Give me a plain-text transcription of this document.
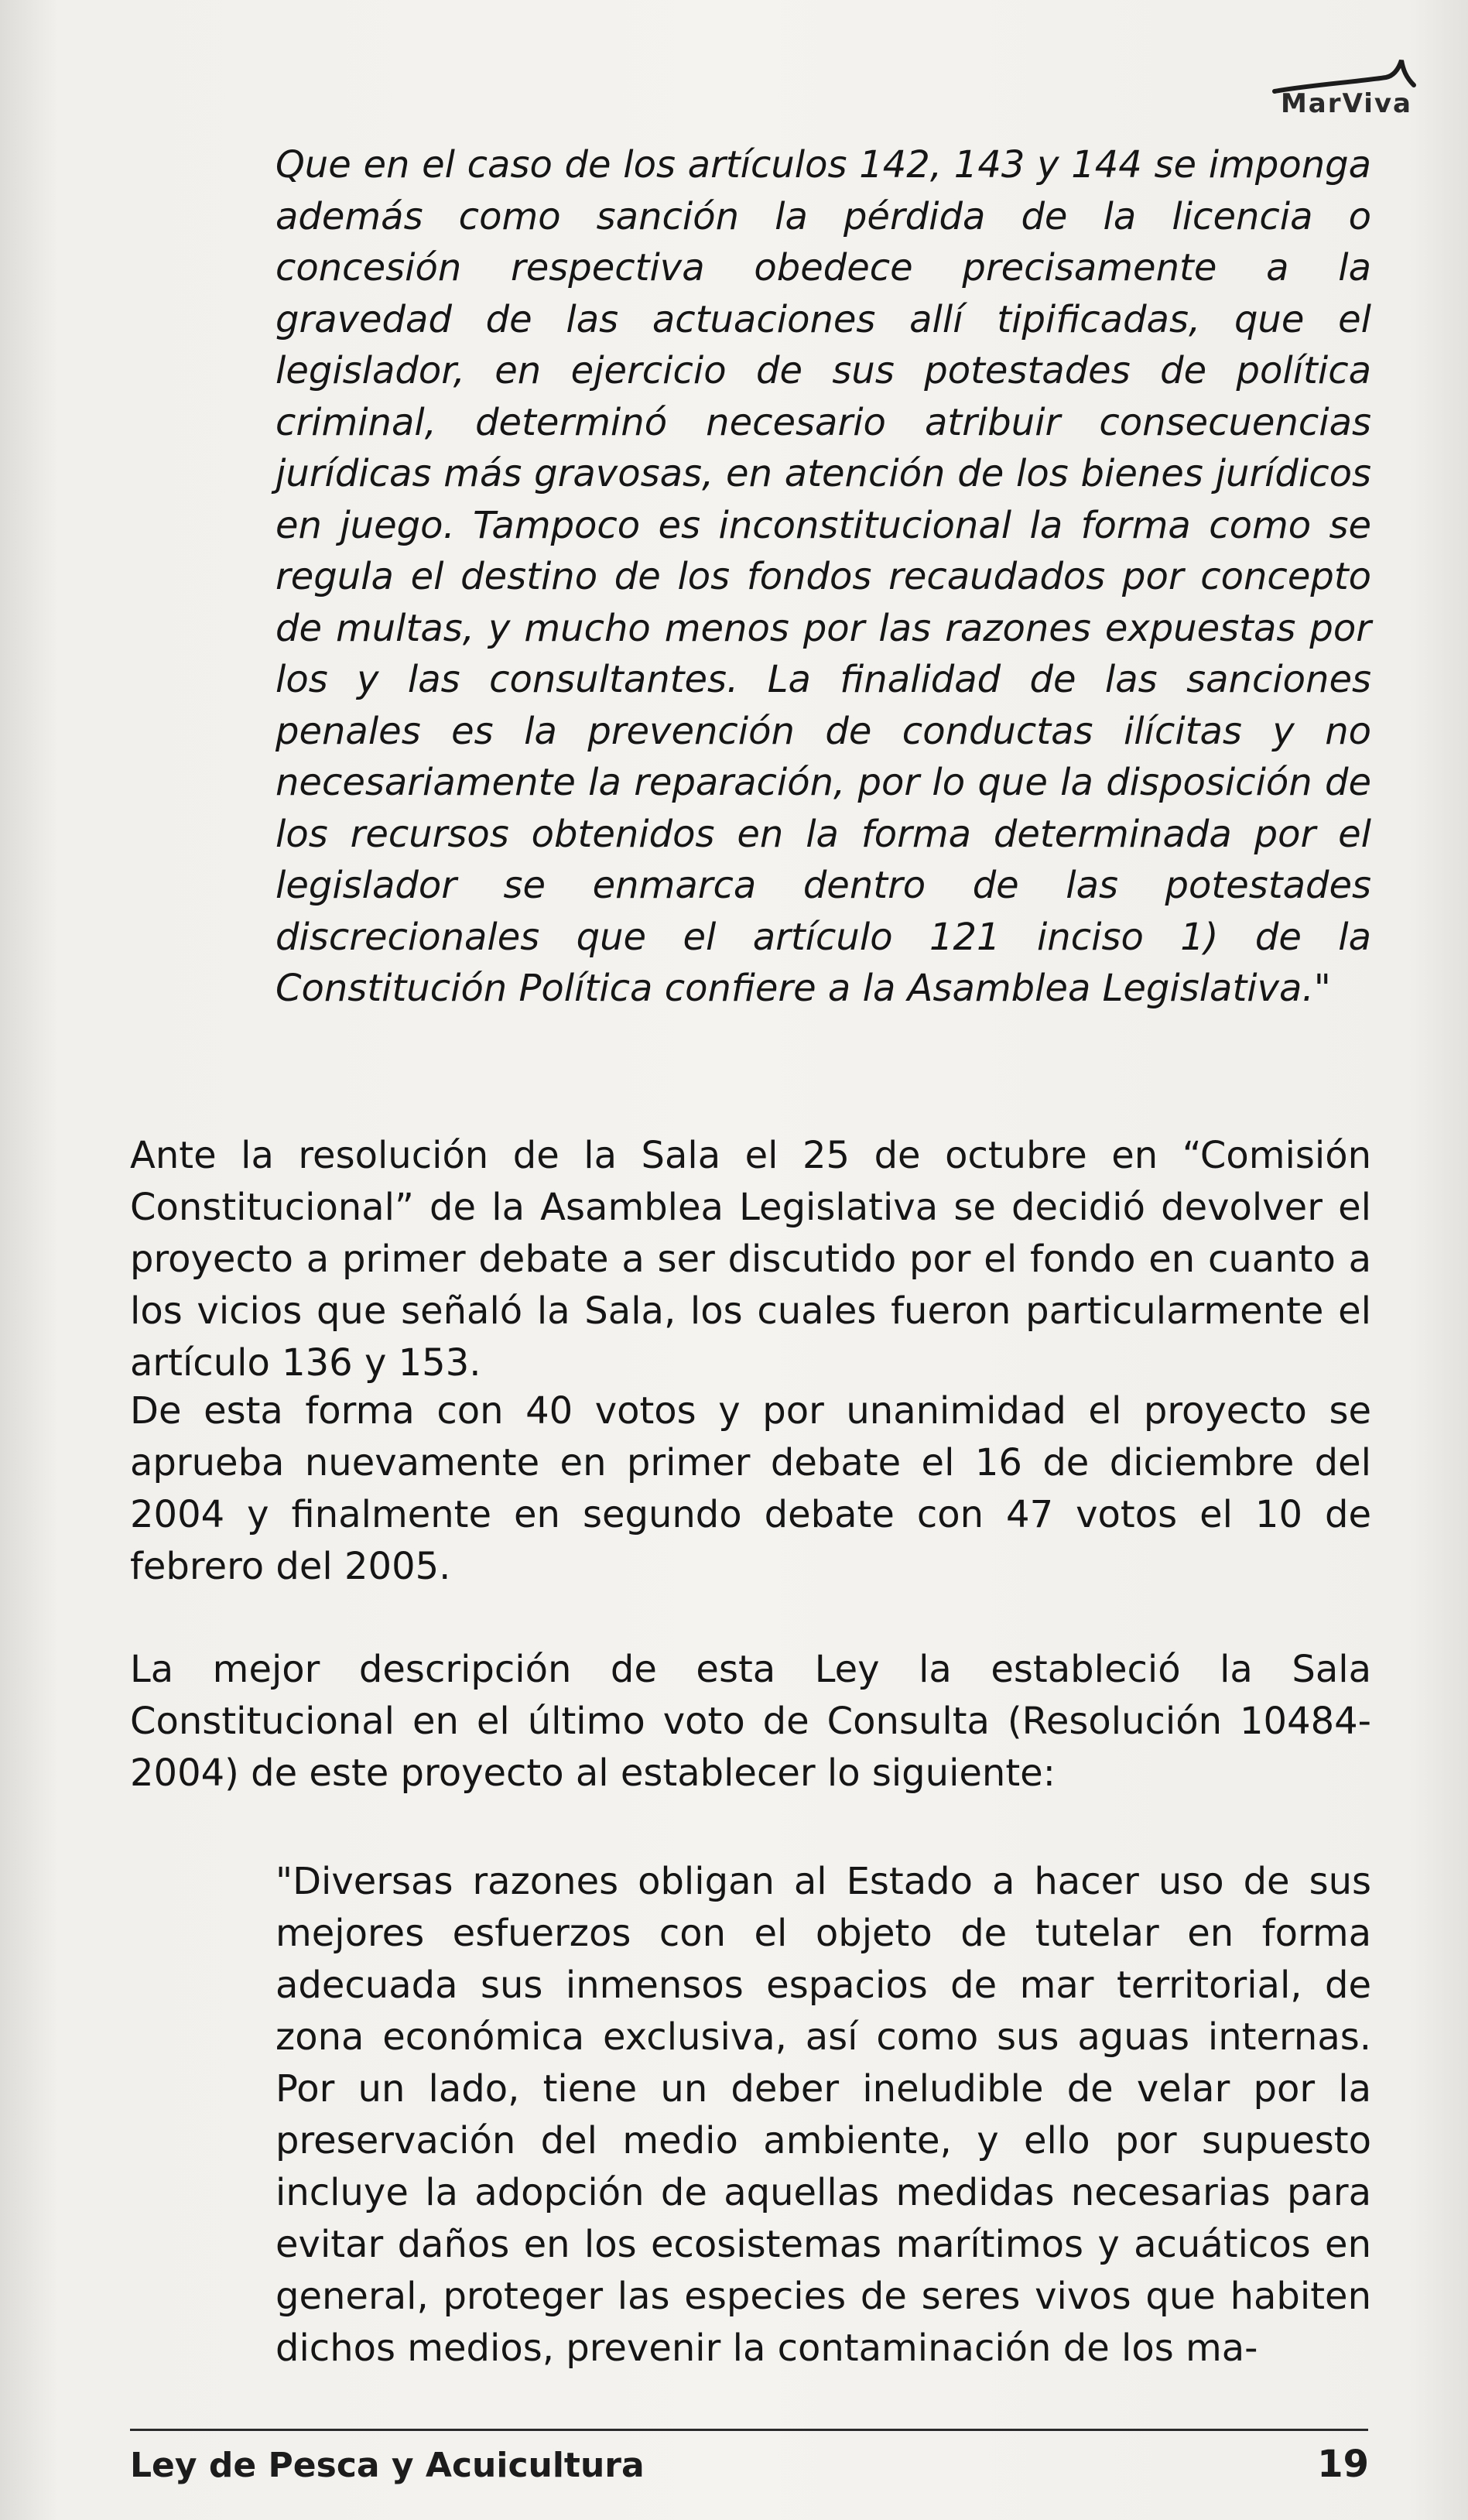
MarViva

Que en el caso de los artículos 142, 143 y 144 se imponga además como sanción la pérdida de la licencia o concesión respectiva obedece precisamente a la gravedad de las actuaciones allí tipificadas, que el legislador, en ejercicio de sus potestades de política criminal, determinó necesario atribuir consecuencias jurídicas más gravosas, en atención de los bienes jurídicos en juego. Tampoco es inconstitucional la forma como se regula el destino de los fondos recaudados por concepto de multas, y mucho menos por las razones expuestas por los y las consultantes. La finalidad de las sanciones penales es la prevención de conductas ilícitas y no necesariamente la reparación, por lo que la disposición de los recursos obtenidos en la forma determinada por el legislador se enmarca dentro de las potestades discrecionales que el artículo 121 inciso 1) de la Constitución Política confiere a la Asamblea Legislativa."

Ante la resolución de la Sala el 25 de octubre en “Comisión Constitucional” de la Asamblea Legislativa se decidió devolver el proyecto a primer debate a ser discutido por el fondo en cuanto a los vicios que señaló la Sala, los cuales fueron particularmente el artículo 136 y 153.

De esta forma con 40 votos y por unanimidad el proyecto se aprueba nuevamente en primer debate el 16 de diciembre del 2004 y finalmente en segundo debate con 47 votos el 10 de febrero del 2005.

La mejor descripción de esta Ley la estableció la Sala Constitucional en el último voto de Consulta (Resolución 10484-2004) de este proyecto al establecer lo siguiente:

"Diversas razones obligan al Estado a hacer uso de sus mejores esfuerzos con el objeto de tutelar en forma adecuada sus inmensos espacios de mar territorial, de zona económica exclusiva, así como sus aguas internas. Por un lado, tiene un deber ineludible de velar por la preservación del medio ambiente, y ello por supuesto incluye la adopción de aquellas medidas necesarias para evitar daños en los ecosistemas marítimos y acuáticos en general, proteger las especies de seres vivos que habiten dichos medios, prevenir la contaminación de los ma-

Ley de Pesca y Acuicultura	19
